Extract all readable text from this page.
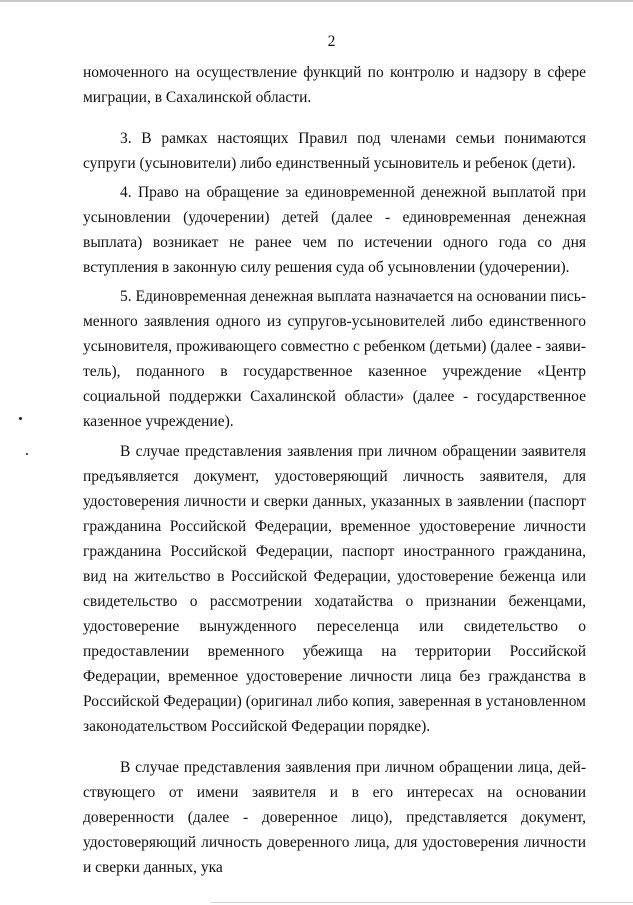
2

номоченного на осуществление функций по контролю и надзору в сфере миграции, в Сахалинской области.

3. В рамках настоящих Правил под членами семьи понимаются супруги (усыновители) либо единственный усыновитель и ребенок (дети).

4. Право на обращение за единовременной денежной выплатой при усыновлении (удочерении) детей (далее - единовременная денежная выплата) возникает не ранее чем по истечении одного года со дня вступления в законную силу решения суда об усыновлении (удочерении).

5. Единовременная денежная выплата назначается на основании письменного заявления одного из супругов-усыновителей либо единственного усыновителя, проживающего совместно с ребенком (детьми) (далее - заявитель), поданного в государственное казенное учреждение «Центр социальной поддержки Сахалинской области» (далее - государственное казенное учреждение).

В случае представления заявления при личном обращении заявителя предъявляется документ, удостоверяющий личность заявителя, для удостоверения личности и сверки данных, указанных в заявлении (паспорт гражданина Российской Федерации, временное удостоверение личности гражданина Российской Федерации, паспорт иностранного гражданина, вид на жительство в Российской Федерации, удостоверение беженца или свидетельство о рассмотрении ходатайства о признании беженцами, удостоверение вынужденного переселенца или свидетельство о предоставлении временного убежища на территории Российской Федерации, временное удостоверение личности лица без гражданства в Российской Федерации) (оригинал либо копия, заверенная в установленном законодательством Российской Федерации порядке).

В случае представления заявления при личном обращении лица, действующего от имени заявителя и в его интересах на основании доверенности (далее - доверенное лицо), представляется документ, удостоверяющий личность доверенного лица, для удостоверения личности и сверки данных, ука
